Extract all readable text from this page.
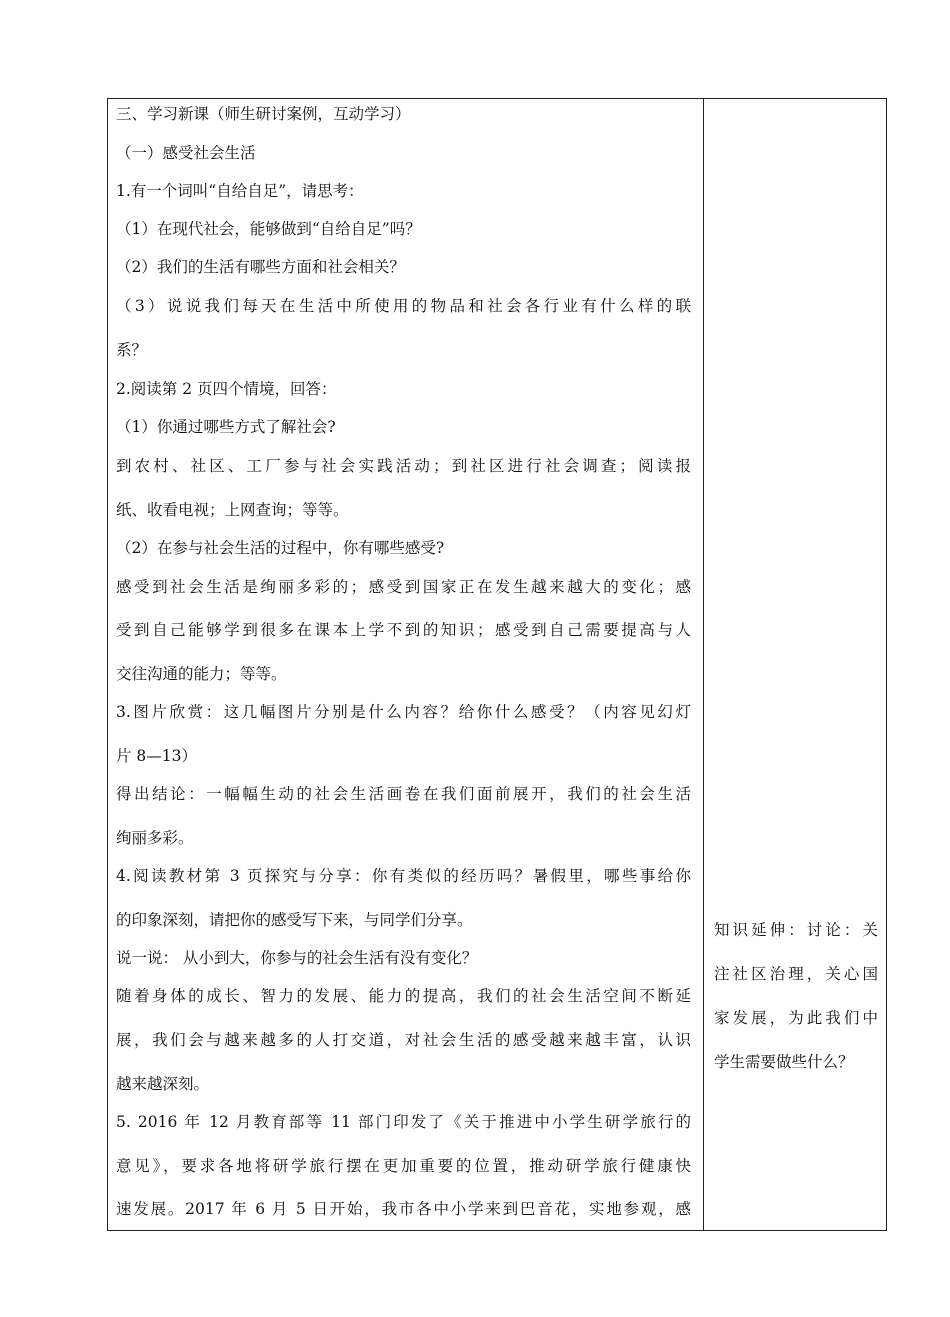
三、学习新课（师生研讨案例，互动学习）
（一）感受社会生活
1.有一个词叫“自给自足”，请思考：
（1）在现代社会，能够做到“自给自足”吗？
（2）我们的生活有哪些方面和社会相关？
（3）说说我们每天在生活中所使用的物品和社会各行业有什么样的联
系？
2.阅读第 2 页四个情境，回答：
（1）你通过哪些方式了解社会?
到农村、社区、工厂参与社会实践活动；到社区进行社会调查；阅读报
纸、收看电视；上网查询；等等。
（2）在参与社会生活的过程中，你有哪些感受?
感受到社会生活是绚丽多彩的；感受到国家正在发生越来越大的变化；感
受到自己能够学到很多在课本上学不到的知识；感受到自己需要提高与人
交往沟通的能力；等等。
3.图片欣赏：这几幅图片分别是什么内容？给你什么感受？（内容见幻灯
片 8—13）
得出结论：一幅幅生动的社会生活画卷在我们面前展开，我们的社会生活
绚丽多彩。
4.阅读教材第 3 页探究与分享：你有类似的经历吗？暑假里，哪些事给你
的印象深刻，请把你的感受写下来，与同学们分享。
说一说： 从小到大，你参与的社会生活有没有变化？
随着身体的成长、智力的发展、能力的提高，我们的社会生活空间不断延
展，我们会与越来越多的人打交道，对社会生活的感受越来越丰富，认识
越来越深刻。
5. 2016 年 12 月教育部等 11 部门印发了《关于推进中小学生研学旅行的
意见》，要求各地将研学旅行摆在更加重要的位置，推动研学旅行健康快
速发展。2017 年 6 月 5 日开始，我市各中小学来到巴音花，实地参观，感
知识延伸：讨论：关
注社区治理，关心国
家发展，为此我们中
学生需要做些什么？
